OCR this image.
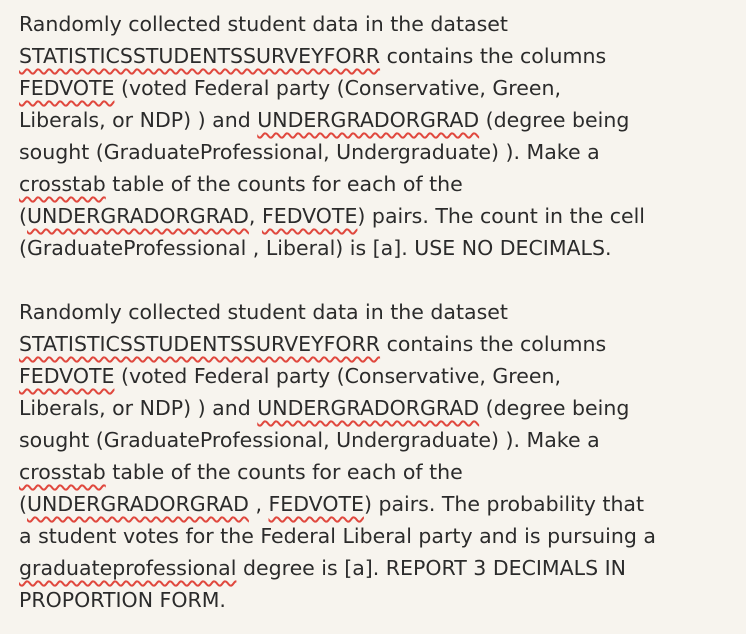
Randomly collected student data in the dataset
STATISTICSSTUDENTSSURVEYFORR contains the columns
FEDVOTE (voted Federal party (Conservative, Green,
Liberals, or NDP) ) and UNDERGRADORGRAD (degree being
sought (GraduateProfessional, Undergraduate) ). Make a
crosstab table of the counts for each of the
(UNDERGRADORGRAD, FEDVOTE) pairs. The count in the cell
(GraduateProfessional , Liberal) is [a]. USE NO DECIMALS.
Randomly collected student data in the dataset
STATISTICSSTUDENTSSURVEYFORR contains the columns
FEDVOTE (voted Federal party (Conservative, Green,
Liberals, or NDP) ) and UNDERGRADORGRAD (degree being
sought (GraduateProfessional, Undergraduate) ). Make a
crosstab table of the counts for each of the
(UNDERGRADORGRAD , FEDVOTE) pairs. The probability that
a student votes for the Federal Liberal party and is pursuing a
graduateprofessional degree is [a]. REPORT 3 DECIMALS IN
PROPORTION FORM.
